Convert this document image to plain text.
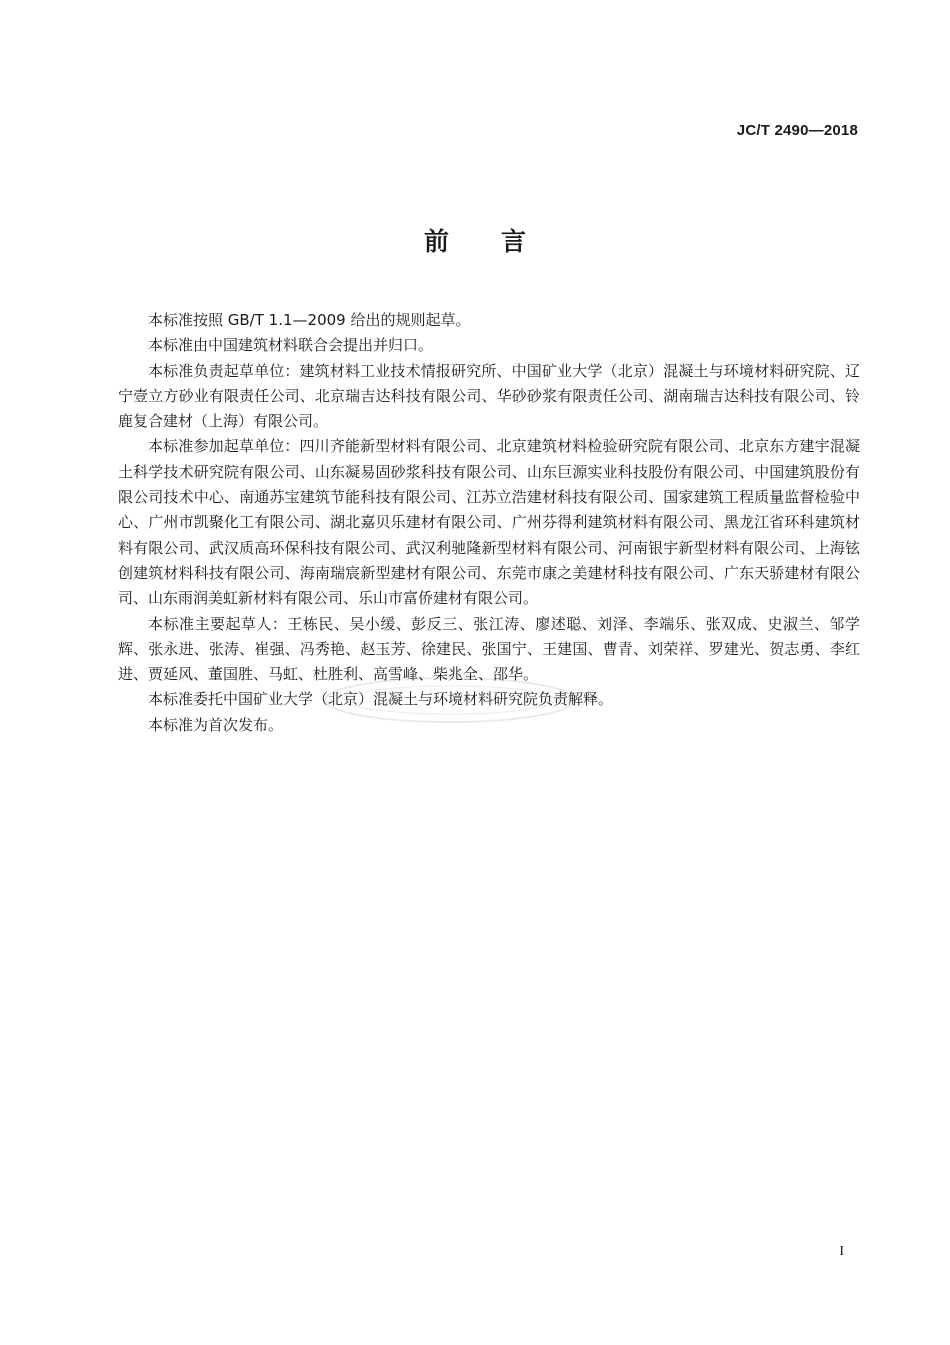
JC/T 2490—2018
前言

本标准按照 GB/T 1.1—2009 给出的规则起草。

本标准由中国建筑材料联合会提出并归口。

本标准负责起草单位：建筑材料工业技术情报研究所、中国矿业大学（北京）混凝土与环境材料研究院、辽宁壹立方砂业有限责任公司、北京瑞吉达科技有限公司、华砂砂浆有限责任公司、湖南瑞吉达科技有限公司、铃鹿复合建材（上海）有限公司。

本标准参加起草单位：四川齐能新型材料有限公司、北京建筑材料检验研究院有限公司、北京东方建宇混凝土科学技术研究院有限公司、山东凝易固砂浆科技有限公司、山东巨源实业科技股份有限公司、中国建筑股份有限公司技术中心、南通苏宝建筑节能科技有限公司、江苏立浩建材科技有限公司、国家建筑工程质量监督检验中心、广州市凯聚化工有限公司、湖北嘉贝乐建材有限公司、广州芬得利建筑材料有限公司、黑龙江省环科建筑材料有限公司、武汉质高环保科技有限公司、武汉利驰隆新型材料有限公司、河南银宇新型材料有限公司、上海铉创建筑材料科技有限公司、海南瑞宸新型建材有限公司、东莞市康之美建材科技有限公司、广东天骄建材有限公司、山东雨润美虹新材料有限公司、乐山市富侨建材有限公司。

本标准主要起草人：王栋民、吴小缓、彭反三、张江涛、廖述聪、刘泽、李端乐、张双成、史淑兰、邹学辉、张永进、张涛、崔强、冯秀艳、赵玉芳、徐建民、张国宁、王建国、曹青、刘荣祥、罗建光、贺志勇、李红进、贾延风、董国胜、马虹、杜胜利、高雪峰、柴兆全、邵华。

本标准委托中国矿业大学（北京）混凝土与环境材料研究院负责解释。

本标准为首次发布。

I
